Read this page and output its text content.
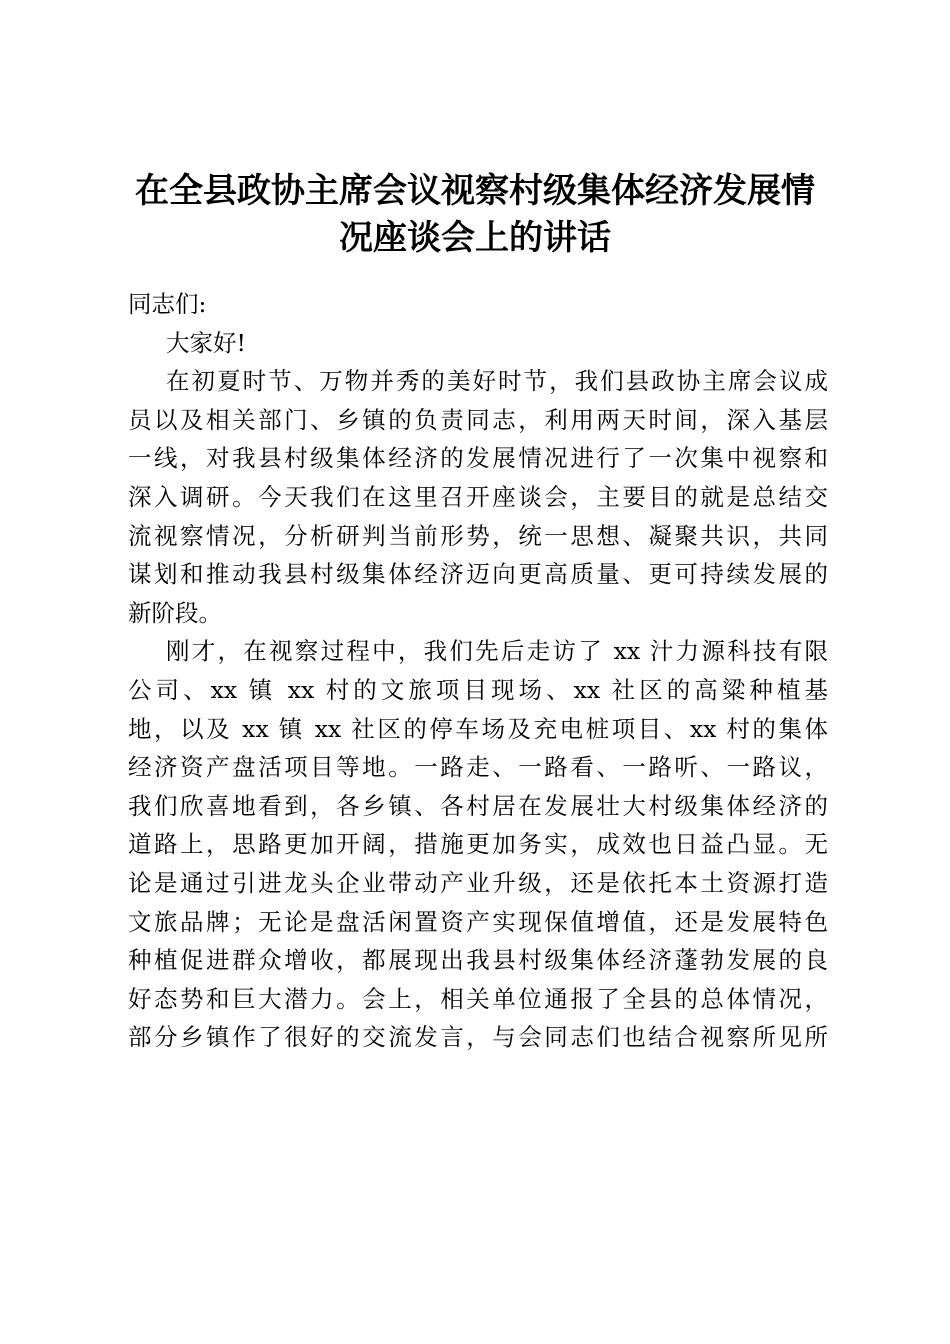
在全县政协主席会议视察村级集体经济发展情
况座谈会上的讲话
同志们:
大家好!
在初夏时节、万物并秀的美好时节，我们县政协主席会议成
员以及相关部门、乡镇的负责同志，利用两天时间，深入基层
一线，对我县村级集体经济的发展情况进行了一次集中视察和
深入调研。今天我们在这里召开座谈会，主要目的就是总结交
流视察情况，分析研判当前形势，统一思想、凝聚共识，共同
谋划和推动我县村级集体经济迈向更高质量、更可持续发展的
新阶段。
刚才，在视察过程中，我们先后走访了 xx 汁力源科技有限
公司、xx 镇 xx 村的文旅项目现场、xx 社区的高粱种植基
地，以及 xx 镇 xx 社区的停车场及充电桩项目、xx 村的集体
经济资产盘活项目等地。一路走、一路看、一路听、一路议，
我们欣喜地看到，各乡镇、各村居在发展壮大村级集体经济的
道路上，思路更加开阔，措施更加务实，成效也日益凸显。无
论是通过引进龙头企业带动产业升级，还是依托本土资源打造
文旅品牌；无论是盘活闲置资产实现保值增值，还是发展特色
种植促进群众增收，都展现出我县村级集体经济蓬勃发展的良
好态势和巨大潜力。会上，相关单位通报了全县的总体情况，
部分乡镇作了很好的交流发言，与会同志们也结合视察所见所
